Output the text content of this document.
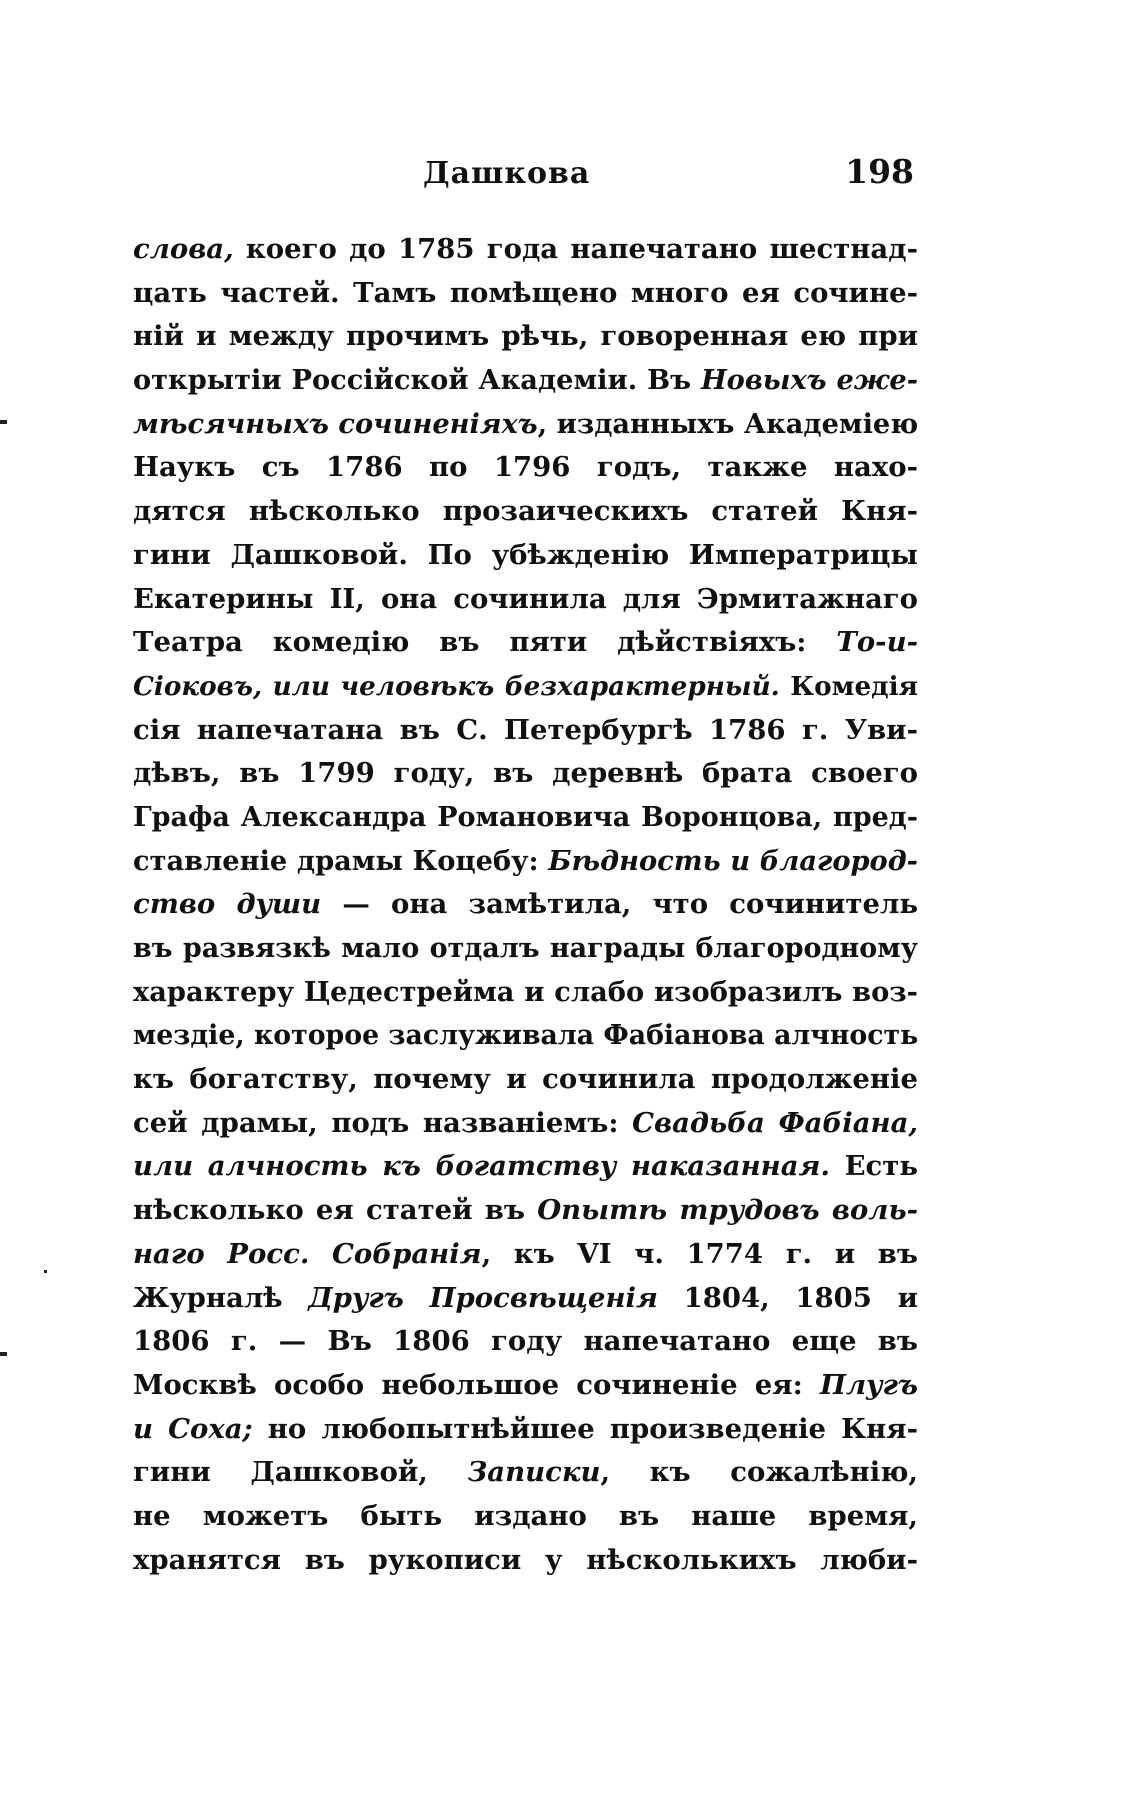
Дашкова	198
слова, коего до 1785 года напечатано шестнад-
цать частей. Тамъ помѣщено много ея сочине-
ній и между прочимъ рѣчь, говоренная ею при
открытіи Россійской Академіи. Въ Новыхъ еже-
мѣсячныхъ сочиненіяхъ, изданныхъ Академіею
Наукъ съ 1786 по 1796 годъ, также нахо-
дятся нѣсколько прозаическихъ статей Кня-
гини Дашковой. По убѣжденію Императрицы
Екатерины II, она сочинила для Эрмитажнаго
Театра комедію въ пяти дѣйствіяхъ: То-и-
Сіоковъ, или человѣкъ безхарактерный. Комедія
сія напечатана въ С. Петербургѣ 1786 г. Уви-
дѣвъ, въ 1799 году, въ деревнѣ брата своего
Графа Александра Романовича Воронцова, пред-
ставленіе драмы Коцебу: Бѣдность и благород-
ство души — она замѣтила, что сочинитель
въ развязкѣ мало отдалъ награды благородному
характеру Цедестрейма и слабо изобразилъ воз-
мездіе, которое заслуживала Фабіанова алчность
къ богатству, почему и сочинила продолженіе
сей драмы, подъ названіемъ: Свадьба Фабіана,
или алчность къ богатству наказанная. Есть
нѣсколько ея статей въ Опытѣ трудовъ воль-
наго Росс. Собранія, къ VI ч. 1774 г. и въ
Журналѣ Другъ Просвѣщенія 1804, 1805 и
1806 г. — Въ 1806 году напечатано еще въ
Москвѣ особо небольшое сочиненіе ея: Плугъ
и Соха; но любопытнѣйшее произведеніе Кня-
гини Дашковой, Записки, къ сожалѣнію,
не можетъ быть издано въ наше время,
хранятся въ рукописи у нѣсколькихъ люби-
